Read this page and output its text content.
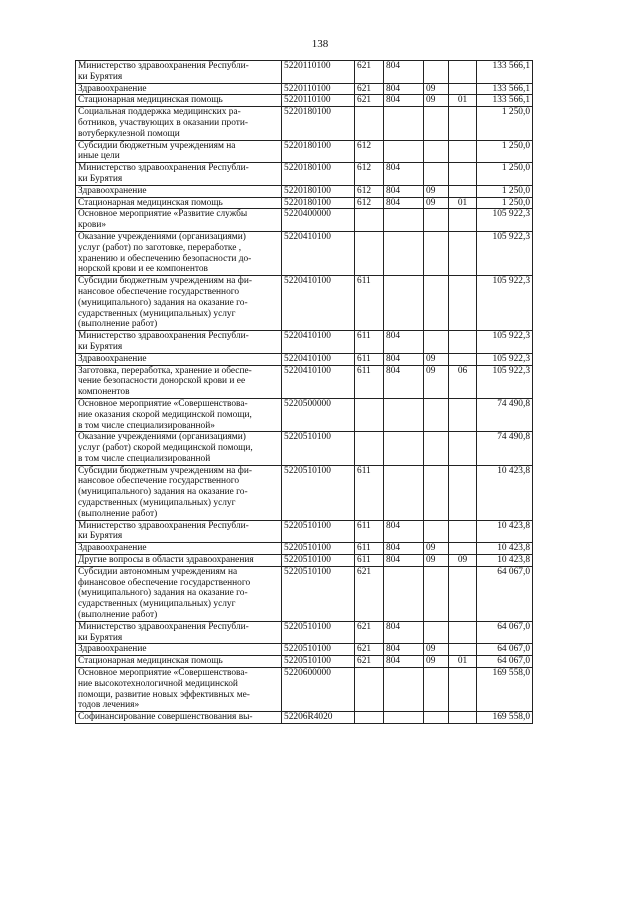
138
Министерство здравоохранения Республи-
ки Бурятия	5220110100	621	804			133 566,1
Здравоохранение	5220110100	621	804	09		133 566,1
Стационарная медицинская помощь	5220110100	621	804	09	01	133 566,1
Социальная поддержка медицинских ра-
ботников, участвующих в оказании проти-
вотуберкулезной помощи	5220180100					1 250,0
Субсидии бюджетным учреждениям на
иные цели	5220180100	612				1 250,0
Министерство здравоохранения Республи-
ки Бурятия	5220180100	612	804			1 250,0
Здравоохранение	5220180100	612	804	09		1 250,0
Стационарная медицинская помощь	5220180100	612	804	09	01	1 250,0
Основное мероприятие «Развитие службы
крови»	5220400000					105 922,3
Оказание учреждениями (организациями)
услуг (работ) по заготовке, переработке ,
хранению и обеспечению безопасности до-
норской крови и ее компонентов	5220410100					105 922,3
Субсидии бюджетным учреждениям на фи-
нансовое обеспечение государственного
(муниципального) задания на оказание го-
сударственных (муниципальных) услуг
(выполнение работ)	5220410100	611				105 922,3
Министерство здравоохранения Республи-
ки Бурятия	5220410100	611	804			105 922,3
Здравоохранение	5220410100	611	804	09		105 922,3
Заготовка, переработка, хранение и обеспе-
чение безопасности донорской крови и ее
компонентов	5220410100	611	804	09	06	105 922,3
Основное мероприятие «Совершенствова-
ние оказания скорой медицинской помощи,
в том числе специализированной»	5220500000					74 490,8
Оказание учреждениями (организациями)
услуг (работ) скорой медицинской помощи,
в том числе специализированной	5220510100					74 490,8
Субсидии бюджетным учреждениям на фи-
нансовое обеспечение государственного
(муниципального) задания на оказание го-
сударственных (муниципальных) услуг
(выполнение работ)	5220510100	611				10 423,8
Министерство здравоохранения Республи-
ки Бурятия	5220510100	611	804			10 423,8
Здравоохранение	5220510100	611	804	09		10 423,8
Другие вопросы в области здравоохранения	5220510100	611	804	09	09	10 423,8
Субсидии автономным учреждениям на
финансовое обеспечение государственного
(муниципального) задания на оказание го-
сударственных (муниципальных) услуг
(выполнение работ)	5220510100	621				64 067,0
Министерство здравоохранения Республи-
ки Бурятия	5220510100	621	804			64 067,0
Здравоохранение	5220510100	621	804	09		64 067,0
Стационарная медицинская помощь	5220510100	621	804	09	01	64 067,0
Основное мероприятие «Совершенствова-
ние высокотехнологичной медицинской
помощи, развитие новых эффективных ме-
тодов лечения»	5220600000					169 558,0
Софинансирование совершенствования вы-	52206R4020					169 558,0
